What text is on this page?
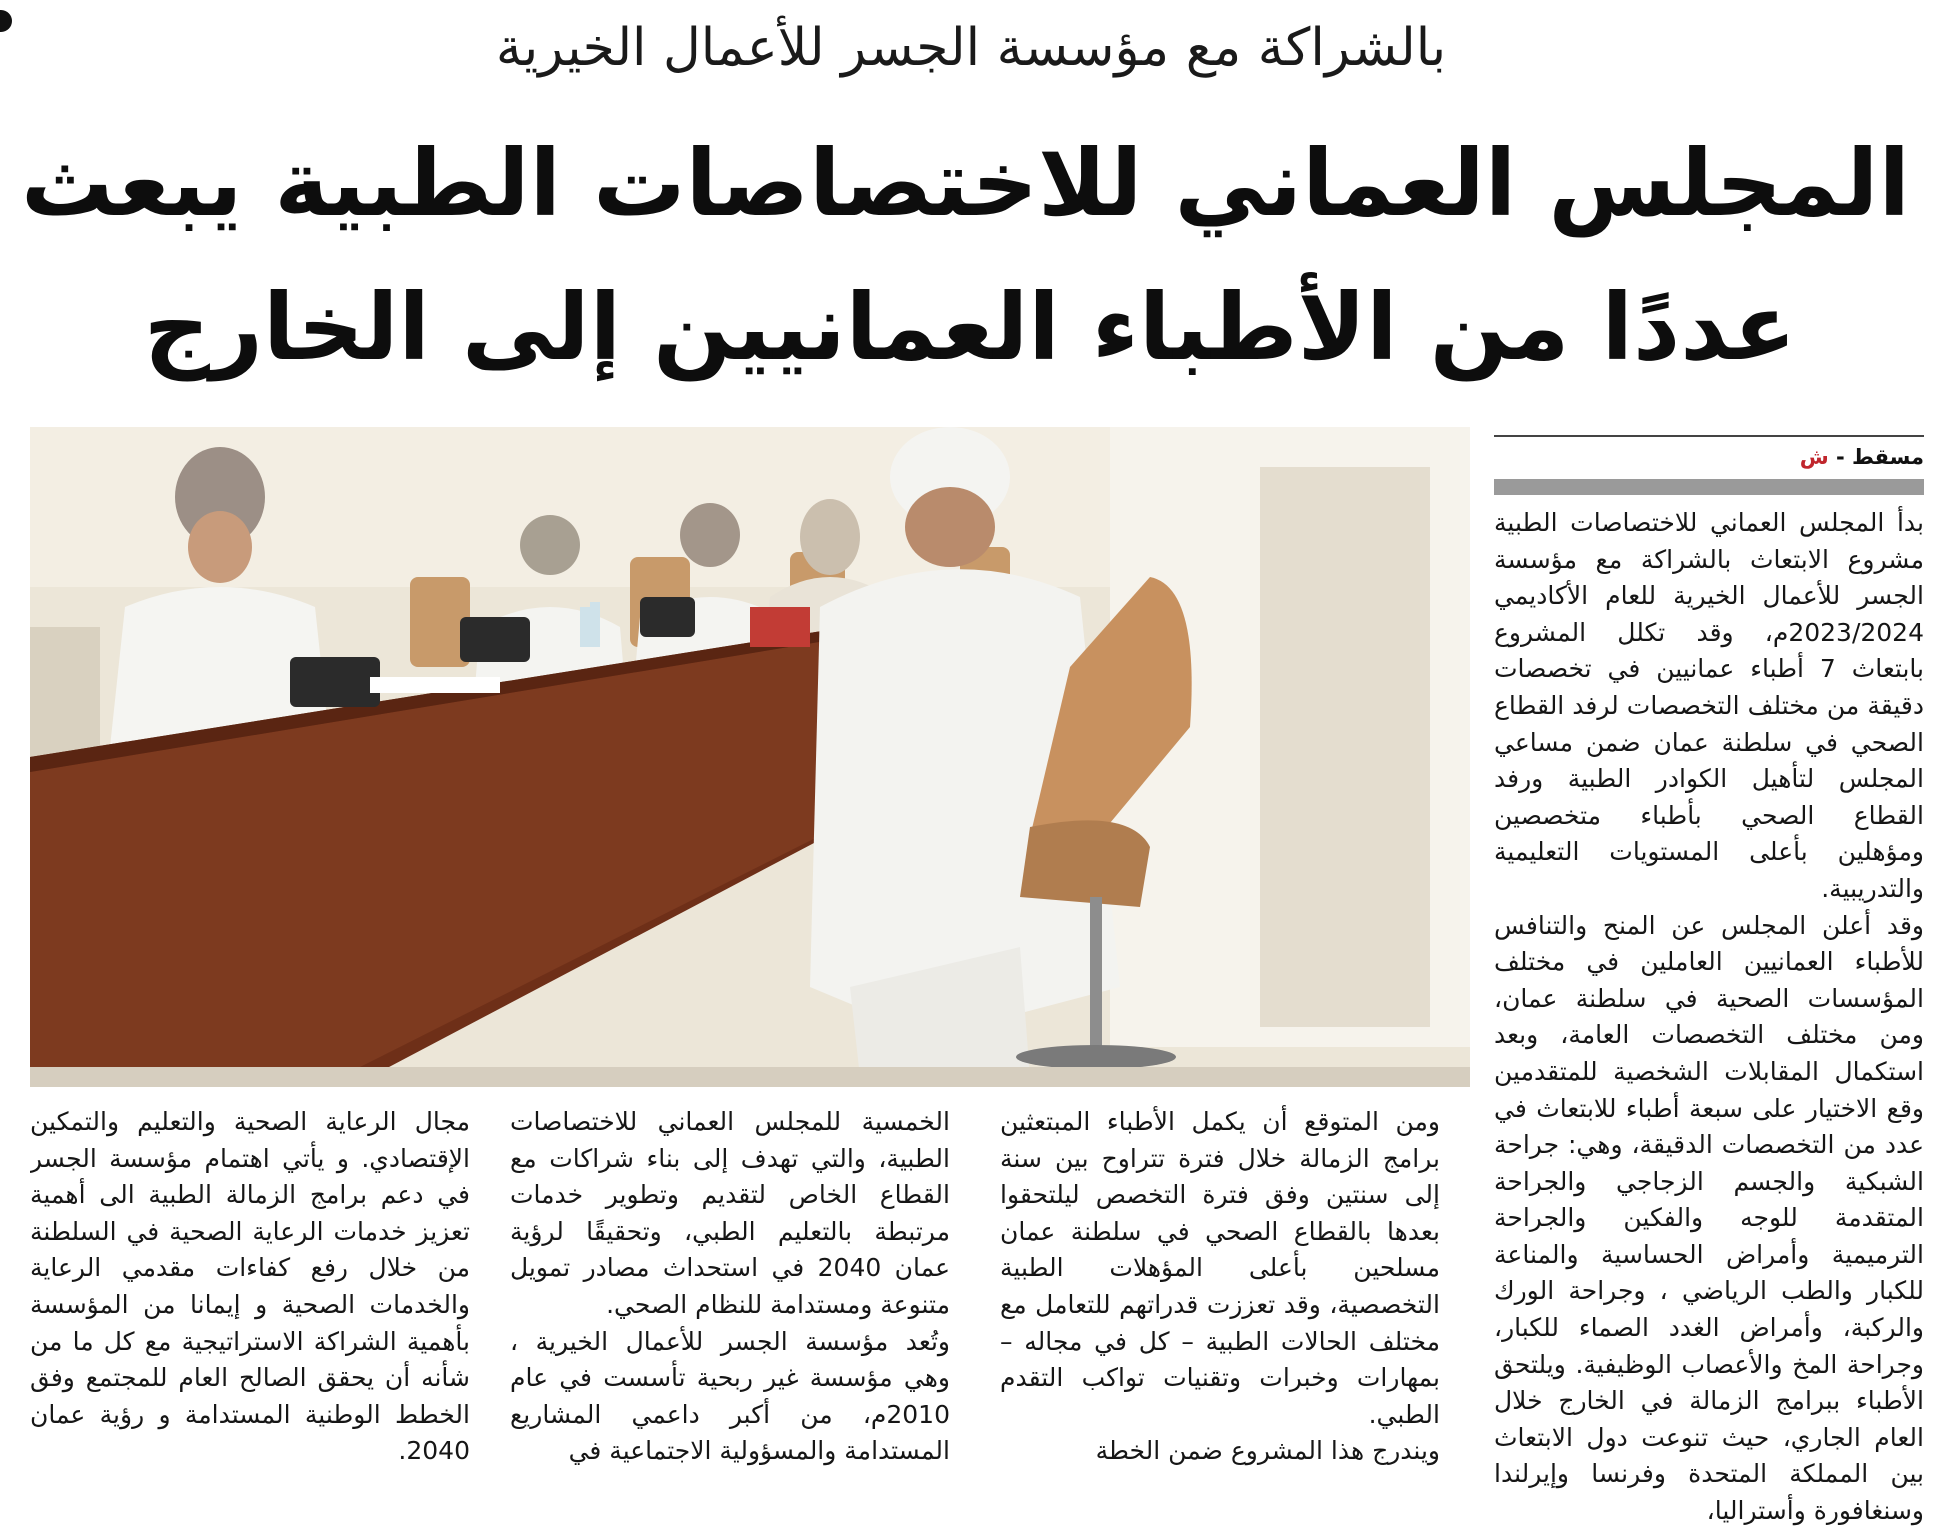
بالشراكة مع مؤسسة الجسر للأعمال الخيرية
المجلس العماني للاختصاصات الطبية يبعث
عددًا من الأطباء العمانيين إلى الخارج
مسقط - ش

بدأ المجلس العماني للاختصاصات الطبية مشروع الابتعاث بالشراكة مع مؤسسة الجسر للأعمال الخيرية للعام الأكاديمي 2023/2024م، وقد تكلل المشروع بابتعاث 7 أطباء عمانيين في تخصصات دقيقة من مختلف التخصصات لرفد القطاع الصحي في سلطنة عمان ضمن مساعي المجلس لتأهيل الكوادر الطبية ورفد القطاع الصحي بأطباء متخصصين ومؤهلين بأعلى المستويات التعليمية والتدريبية.

وقد أعلن المجلس عن المنح والتنافس للأطباء العمانيين العاملين في مختلف المؤسسات الصحية في سلطنة عمان، ومن مختلف التخصصات العامة، وبعد استكمال المقابلات الشخصية للمتقدمين وقع الاختيار على سبعة أطباء للابتعاث في عدد من التخصصات الدقيقة، وهي: جراحة الشبكية والجسم الزجاجي والجراحة المتقدمة للوجه والفكين والجراحة الترميمية وأمراض الحساسية والمناعة للكبار والطب الرياضي ، وجراحة الورك والركبة، وأمراض الغدد الصماء للكبار، وجراحة المخ والأعصاب الوظيفية. ويلتحق الأطباء ببرامج الزمالة في الخارج خلال العام الجاري، حيث تنوعت دول الابتعاث بين المملكة المتحدة وفرنسا وإيرلندا وسنغافورة وأستراليا،

ومن المتوقع أن يكمل الأطباء المبتعثين برامج الزمالة خلال فترة تتراوح بين سنة إلى سنتين وفق فترة التخصص ليلتحقوا بعدها بالقطاع الصحي في سلطنة عمان مسلحين بأعلى المؤهلات الطبية التخصصية، وقد تعززت قدراتهم للتعامل مع مختلف الحالات الطبية – كل في مجاله – بمهارات وخبرات وتقنيات تواكب التقدم الطبي.

ويندرج هذا المشروع ضمن الخطة

الخمسية للمجلس العماني للاختصاصات الطبية، والتي تهدف إلى بناء شراكات مع القطاع الخاص لتقديم وتطوير خدمات مرتبطة بالتعليم الطبي، وتحقيقًا لرؤية عمان 2040 في استحداث مصادر تمويل متنوعة ومستدامة للنظام الصحي.

وتُعد مؤسسة الجسر للأعمال الخيرية ، وهي مؤسسة غير ربحية تأسست في عام 2010م، من أكبر داعمي المشاريع المستدامة والمسؤولية الاجتماعية في

مجال الرعاية الصحية والتعليم والتمكين الإقتصادي. و يأتي اهتمام مؤسسة الجسر في دعم برامج الزمالة الطبية الى أهمية تعزيز خدمات الرعاية الصحية في السلطنة من خلال رفع كفاءات مقدمي الرعاية والخدمات الصحية و إيمانا من المؤسسة بأهمية الشراكة الاستراتيجية مع كل ما من شأنه أن يحقق الصالح العام للمجتمع وفق الخطط الوطنية المستدامة و رؤية عمان 2040.
